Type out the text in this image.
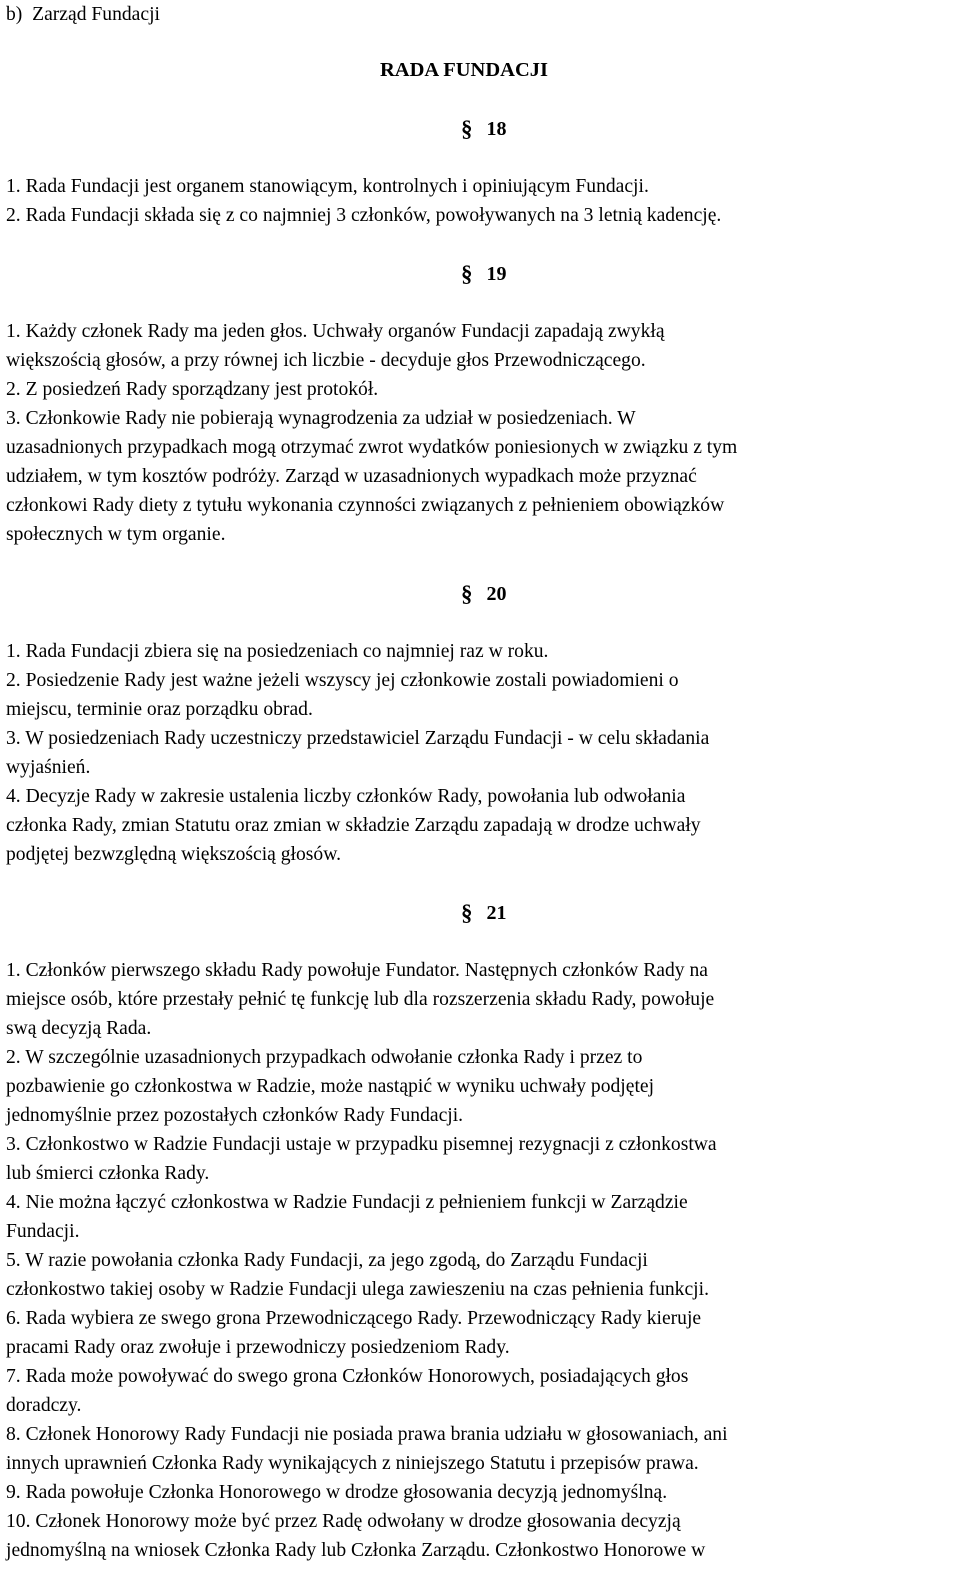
b)  Zarząd Fundacji
RADA FUNDACJI
§ 18
1. Rada Fundacji jest organem stanowiącym, kontrolnych i opiniującym Fundacji.
2. Rada Fundacji składa się z co najmniej 3 członków, powoływanych na 3 letnią kadencję.
§ 19
1. Każdy członek Rady ma jeden głos. Uchwały organów Fundacji zapadają zwykłą
większością głosów, a przy równej ich liczbie - decyduje głos Przewodniczącego.
2. Z posiedzeń Rady sporządzany jest protokół.
3. Członkowie Rady nie pobierają wynagrodzenia za udział w posiedzeniach. W
uzasadnionych przypadkach mogą otrzymać zwrot wydatków poniesionych w związku z tym
udziałem, w tym kosztów podróży. Zarząd w uzasadnionych wypadkach może przyznać
członkowi Rady diety z tytułu wykonania czynności związanych z pełnieniem obowiązków
społecznych w tym organie.
§ 20
1. Rada Fundacji zbiera się na posiedzeniach co najmniej raz w roku.
2. Posiedzenie Rady jest ważne jeżeli wszyscy jej członkowie zostali powiadomieni o
miejscu, terminie oraz porządku obrad.
3. W posiedzeniach Rady uczestniczy przedstawiciel Zarządu Fundacji - w celu składania
wyjaśnień.
4. Decyzje Rady w zakresie ustalenia liczby członków Rady, powołania lub odwołania
członka Rady, zmian Statutu oraz zmian w składzie Zarządu zapadają w drodze uchwały
podjętej bezwzględną większością głosów.
§ 21
1. Członków pierwszego składu Rady powołuje Fundator. Następnych członków Rady na
miejsce osób, które przestały pełnić tę funkcję lub dla rozszerzenia składu Rady, powołuje
swą decyzją Rada.
2. W szczególnie uzasadnionych przypadkach odwołanie członka Rady i przez to
pozbawienie go członkostwa w Radzie, może nastąpić w wyniku uchwały podjętej
jednomyślnie przez pozostałych członków Rady Fundacji.
3. Członkostwo w Radzie Fundacji ustaje w przypadku pisemnej rezygnacji z członkostwa
lub śmierci członka Rady.
4. Nie można łączyć członkostwa w Radzie Fundacji z pełnieniem funkcji w Zarządzie
Fundacji.
5. W razie powołania członka Rady Fundacji, za jego zgodą, do Zarządu Fundacji
członkostwo takiej osoby w Radzie Fundacji ulega zawieszeniu na czas pełnienia funkcji.
6. Rada wybiera ze swego grona Przewodniczącego Rady. Przewodniczący Rady kieruje
pracami Rady oraz zwołuje i przewodniczy posiedzeniom Rady.
7. Rada może powoływać do swego grona Członków Honorowych, posiadających głos
doradczy.
8. Członek Honorowy Rady Fundacji nie posiada prawa brania udziału w głosowaniach, ani
innych uprawnień Członka Rady wynikających z niniejszego Statutu i przepisów prawa.
9. Rada powołuje Członka Honorowego w drodze głosowania decyzją jednomyślną.
10. Członek Honorowy może być przez Radę odwołany w drodze głosowania decyzją
jednomyślną na wniosek Członka Rady lub Członka Zarządu. Członkostwo Honorowe w
